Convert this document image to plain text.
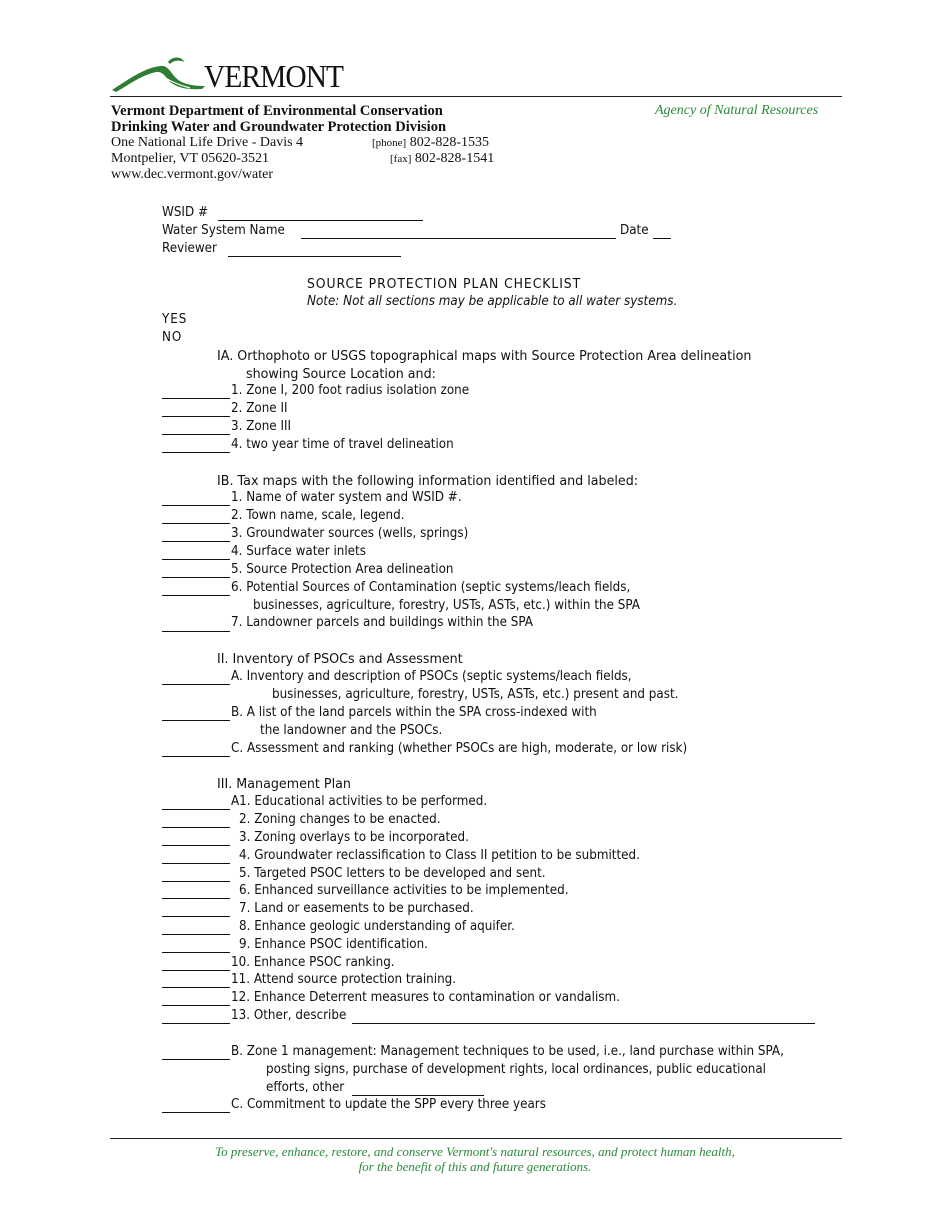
VERMONT
Vermont Department of Environmental Conservation
Drinking Water and Groundwater Protection Division
One National Life Drive - Davis 4
Montpelier, VT 05620-3521
www.dec.vermont.gov/water
[phone] 802-828-1535
[fax] 802-828-1541
Agency of Natural Resources
WSID #
Water System Name	Date
Reviewer
SOURCE PROTECTION PLAN CHECKLIST
Note: Not all sections may be applicable to all water systems.
YES
NO
IA. Orthophoto or USGS topographical maps with Source Protection Area delineation
showing Source Location and:
1. Zone I, 200 foot radius isolation zone
2. Zone II
3. Zone III
4. two year time of travel delineation
IB. Tax maps with the following information identified and labeled:
1. Name of water system and WSID #.
2. Town name, scale, legend.
3. Groundwater sources (wells, springs)
4. Surface water inlets
5. Source Protection Area delineation
6. Potential Sources of Contamination (septic systems/leach fields,
businesses, agriculture, forestry, USTs, ASTs, etc.) within the SPA
7. Landowner parcels and buildings within the SPA
II. Inventory of PSOCs and Assessment
A. Inventory and description of PSOCs (septic systems/leach fields,
businesses, agriculture, forestry, USTs, ASTs, etc.) present and past.
B. A list of the land parcels within the SPA cross-indexed with
the landowner and the PSOCs.
C. Assessment and ranking (whether PSOCs are high, moderate, or low risk)
III. Management Plan
A1. Educational activities to be performed.
2. Zoning changes to be enacted.
3. Zoning overlays to be incorporated.
4. Groundwater reclassification to Class II petition to be submitted.
5. Targeted PSOC letters to be developed and sent.
6. Enhanced surveillance activities to be implemented.
7. Land or easements to be purchased.
8. Enhance geologic understanding of aquifer.
9. Enhance PSOC identification.
10. Enhance PSOC ranking.
11. Attend source protection training.
12. Enhance Deterrent measures to contamination or vandalism.
13. Other, describe
B. Zone 1 management: Management techniques to be used, i.e., land purchase within SPA,
posting signs, purchase of development rights, local ordinances, public educational
efforts, other
C. Commitment to update the SPP every three years
To preserve, enhance, restore, and conserve Vermont's natural resources, and protect human health,
for the benefit of this and future generations.
